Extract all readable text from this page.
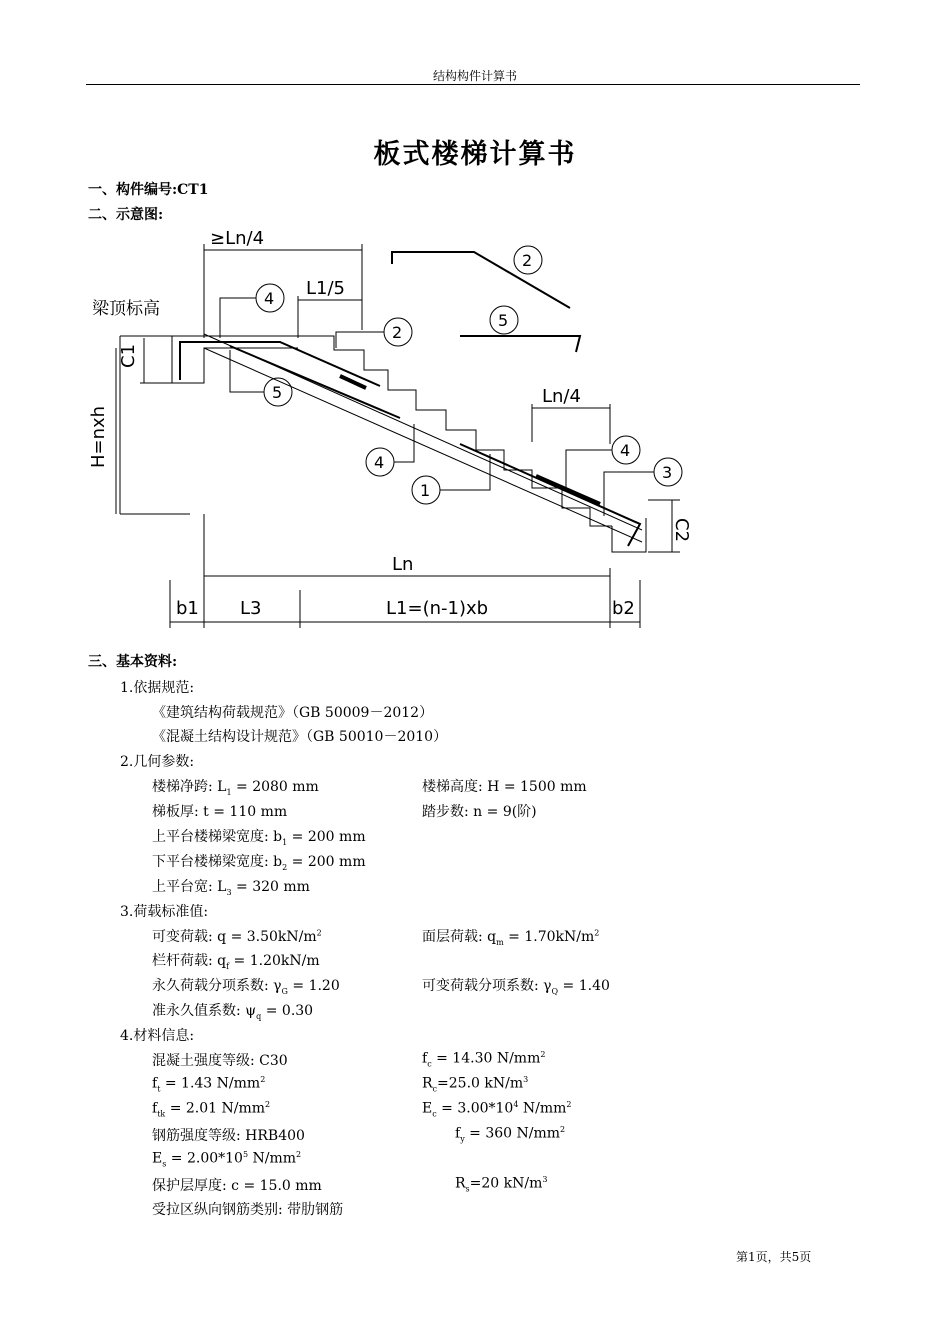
结构构件计算书
板式楼梯计算书
一、构件编号:CT1
二、示意图:
≥Ln/4
L1/5
梁顶标高
C1
H=nxh
Ln/4
C2
Ln
b1 L3	L1=(n-1)xb	b2
4
2
5
4
1
4
3
2
5
三、基本资料:
1.依据规范:
《建筑结构荷载规范》（GB 50009－2012）
《混凝土结构设计规范》（GB 50010－2010）
2.几何参数:
楼梯净跨: $L_1 = 2080$ mm	楼梯高度: H = 1500 mm
梯板厚: t = 110 mm	踏步数: n = 9(阶)
上平台楼梯梁宽度: $b_1 = 200$ mm
下平台楼梯梁宽度: $b_2 = 200$ mm
上平台宽: $L_3 = 320$ mm
3.荷载标准值:
可变荷载: $q = 3.50kN/m^2$	面层荷载: $q_m = 1.70kN/m^2$
栏杆荷载: $q_f = 1.20kN/m$
永久荷载分项系数: $\gamma_G = 1.20$	可变荷载分项系数: $\gamma_Q = 1.40$
准永久值系数: $\psi_q = 0.30$
4.材料信息:
混凝土强度等级: C30	$f_c = 14.30$ $N/mm^2$
$f_t = 1.43$ $N/mm^2$	$R_c=25.0$ $kN/m^3$
$f_{tk} = 2.01$ $N/mm^2$	$E_c = 3.00*10^4$ $N/mm^2$
钢筋强度等级: HRB400	$f_y = 360$ $N/mm^2$
$E_s = 2.00*10^5$ $N/mm^2$
保护层厚度: c = 15.0 mm	$R_s=20$ $kN/m^3$
受拉区纵向钢筋类别: 带肋钢筋
第1页，共5页
